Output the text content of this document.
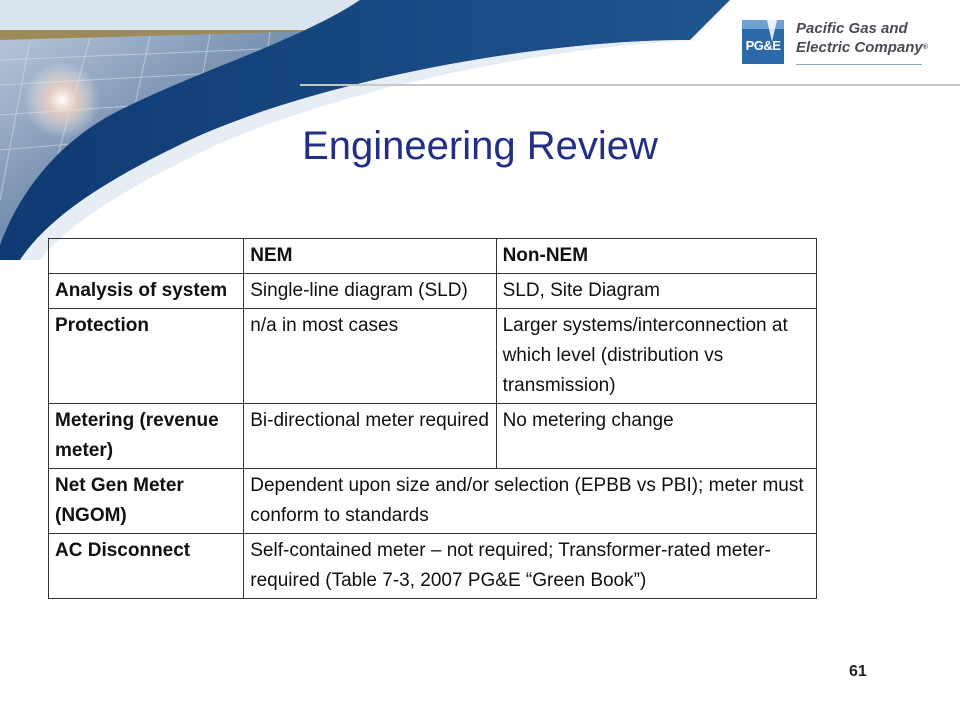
PG&E
Pacific Gas and
Electric Company®
Engineering Review
	NEM	Non-NEM
Analysis of system	Single-line diagram (SLD)	SLD, Site Diagram
Protection	n/a in most cases	Larger systems/interconnection at which level (distribution vs transmission)
Metering (revenue meter)	Bi-directional meter required	No metering change
Net Gen Meter (NGOM)	Dependent upon size and/or selection (EPBB vs PBI); meter must conform to standards	
AC Disconnect	Self-contained meter – not required; Transformer-rated meter- required (Table 7-3, 2007 PG&E “Green Book”)	
61
